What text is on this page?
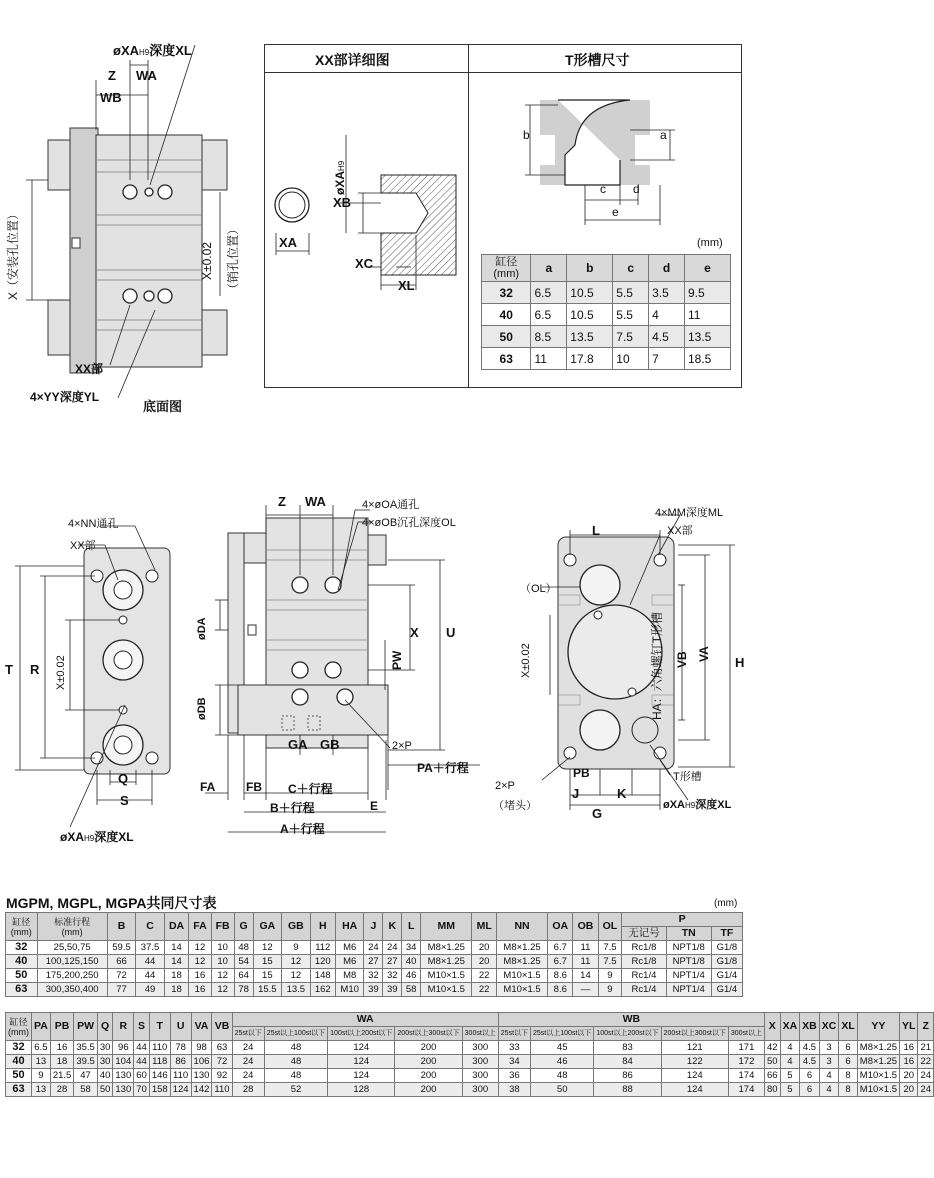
øXAH9深度XL
Z WA
WB
X（安装孔位置）	X±0.02 （销孔位置）
XX部
4×YY深度YL
底面图
XX部详细图	T形槽尺寸
XA
øXAH9
XB
XC
XL
b	a
c d
e
(mm)
缸径
(mm)	a	b	c	d	e
32	6.5	10.5	5.5	3.5	9.5
40	6.5	10.5	5.5	4	11
50	8.5	13.5	7.5	4.5	13.5
63	11	17.8	10	7	18.5
4×NN通孔
XX部
T R X±0.02
Q
S
øXAH9深度XL
Z WA	4×øOA通孔
4×øOB沉孔深度OL
øDA
øDB
X U
PW
GA GB	2×P
PA＋行程
FA	FB C＋行程
B＋行程	E
A＋行程
4×MM深度ML
L	XX部
（OL）
X±0.02	HA：六角螺钉T形槽 VB VA
H
2×P
（堵头）
PB
J	K
T形槽
G
øXAH9深度XL
MGPM, MGPL, MGPA共同尺寸表	(mm)
缸径
(mm)	标准行程
(mm)	B	C	DA	FA	FB	G	GA	GB	H	HA	J	K	L	MM	ML	NN	OA	OB	OL	P		
																					无记号	TN	TF
32	25,50,75	59.5	37.5	14	12	10	48	12	9	112	M6	24	24	34	M8×1.25	20	M8×1.25	6.7	11	7.5	Rc1/8	NPT1/8	G1/8
40	100,125,150	66	44	14	12	10	54	15	12	120	M6	27	27	40	M8×1.25	20	M8×1.25	6.7	11	7.5	Rc1/8	NPT1/8	G1/8
50	175,200,250	72	44	18	16	12	64	15	12	148	M8	32	32	46	M10×1.5	22	M10×1.5	8.6	14	9	Rc1/4	NPT1/4	G1/4
63	300,350,400	77	49	18	16	12	78	15.5	13.5	162	M10	39	39	58	M10×1.5	22	M10×1.5	8.6	—	9	Rc1/4	NPT1/4	G1/4
缸径
(mm)	PA	PB	PW	Q	R	S	T	U	VA	VB	WA					WB					X	XA	XB	XC	XL	YY	YL	Z
											25st以下	25st以上100st以下	100st以上200st以下	200st以上300st以下	300st以上	25st以下	25st以上100st以下	100st以上200st以下	200st以上300st以下	300st以上								
32	6.5	16	35.5	30	96	44	110	78	98	63	24	48	124	200	300	33	45	83	121	171	42	4	4.5	3	6	M8×1.25	16	21
40	13	18	39.5	30	104	44	118	86	106	72	24	48	124	200	300	34	46	84	122	172	50	4	4.5	3	6	M8×1.25	16	22
50	9	21.5	47	40	130	60	146	110	130	92	24	48	124	200	300	36	48	86	124	174	66	5	6	4	8	M10×1.5	20	24
63	13	28	58	50	130	70	158	124	142	110	28	52	128	200	300	38	50	88	124	174	80	5	6	4	8	M10×1.5	20	24
